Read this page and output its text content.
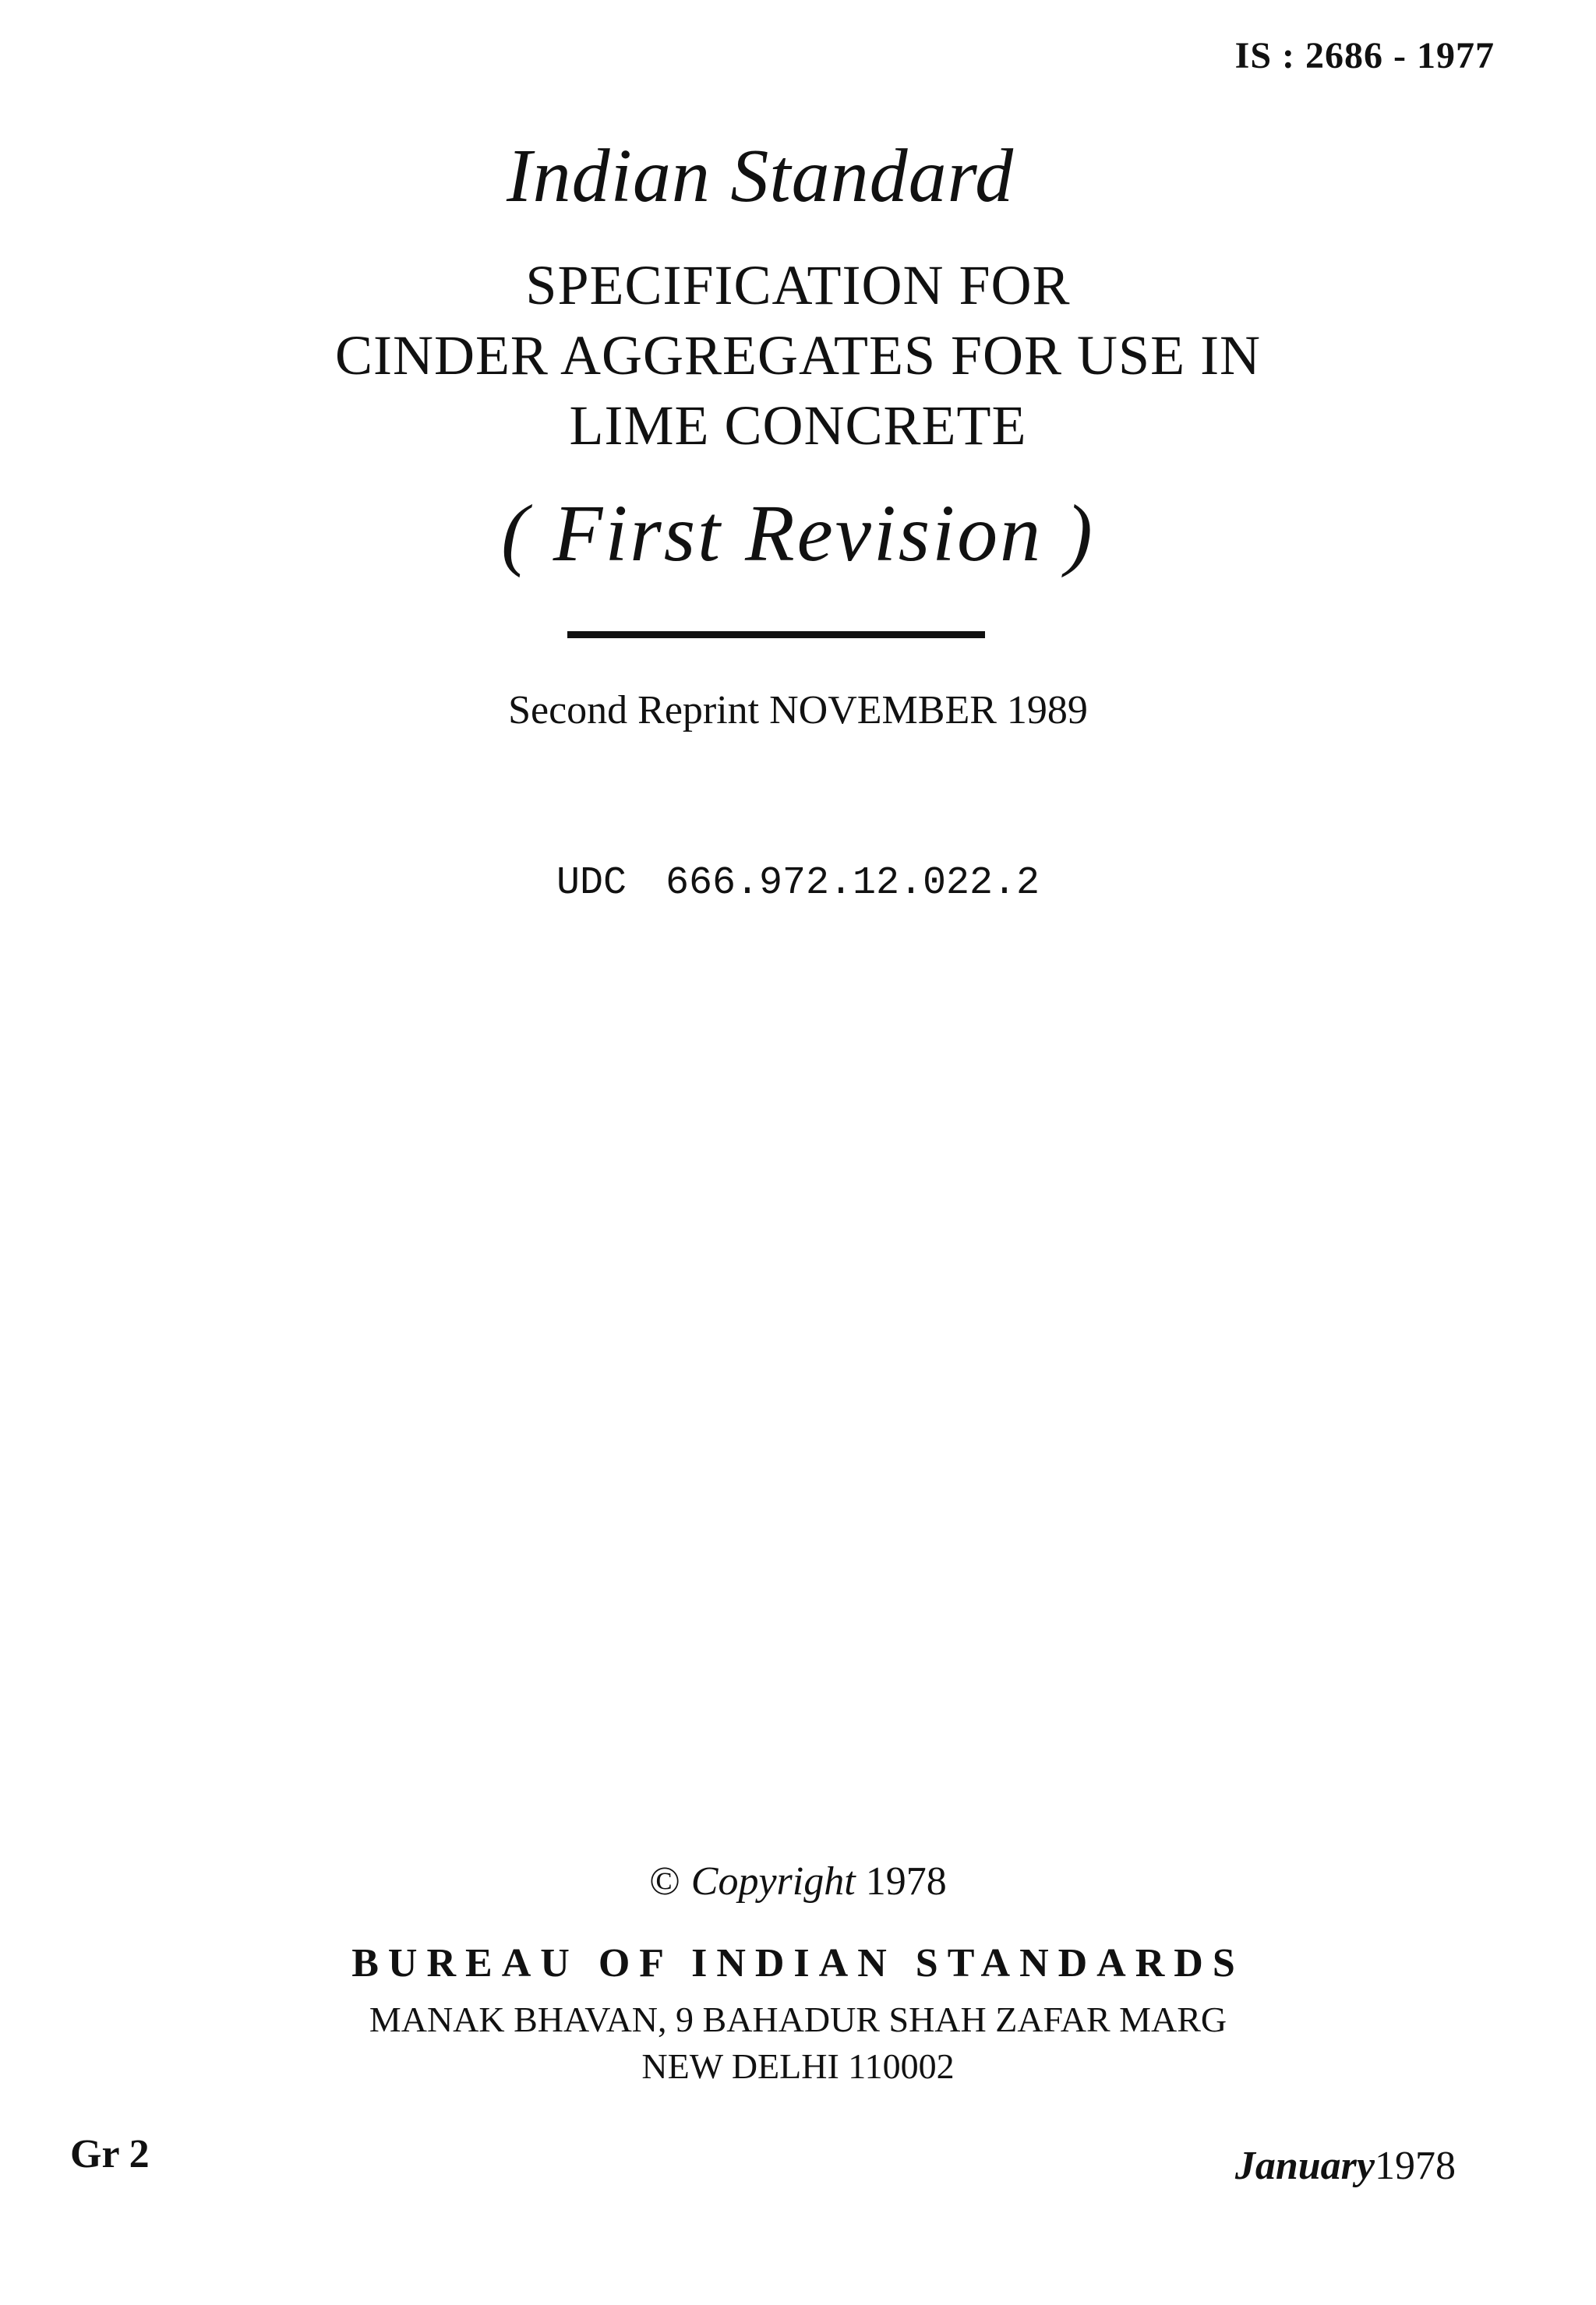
IS : 2686 - 1977
Indian Standard
SPECIFICATION FOR
CINDER AGGREGATES FOR USE IN
LIME CONCRETE
( First Revision )
Second Reprint NOVEMBER 1989
UDC 666.972.12.022.2
© Copyright 1978
BUREAU OF INDIAN STANDARDS
MANAK BHAVAN, 9 BAHADUR SHAH ZAFAR MARG
NEW DELHI 110002
Gr 2	January1978
